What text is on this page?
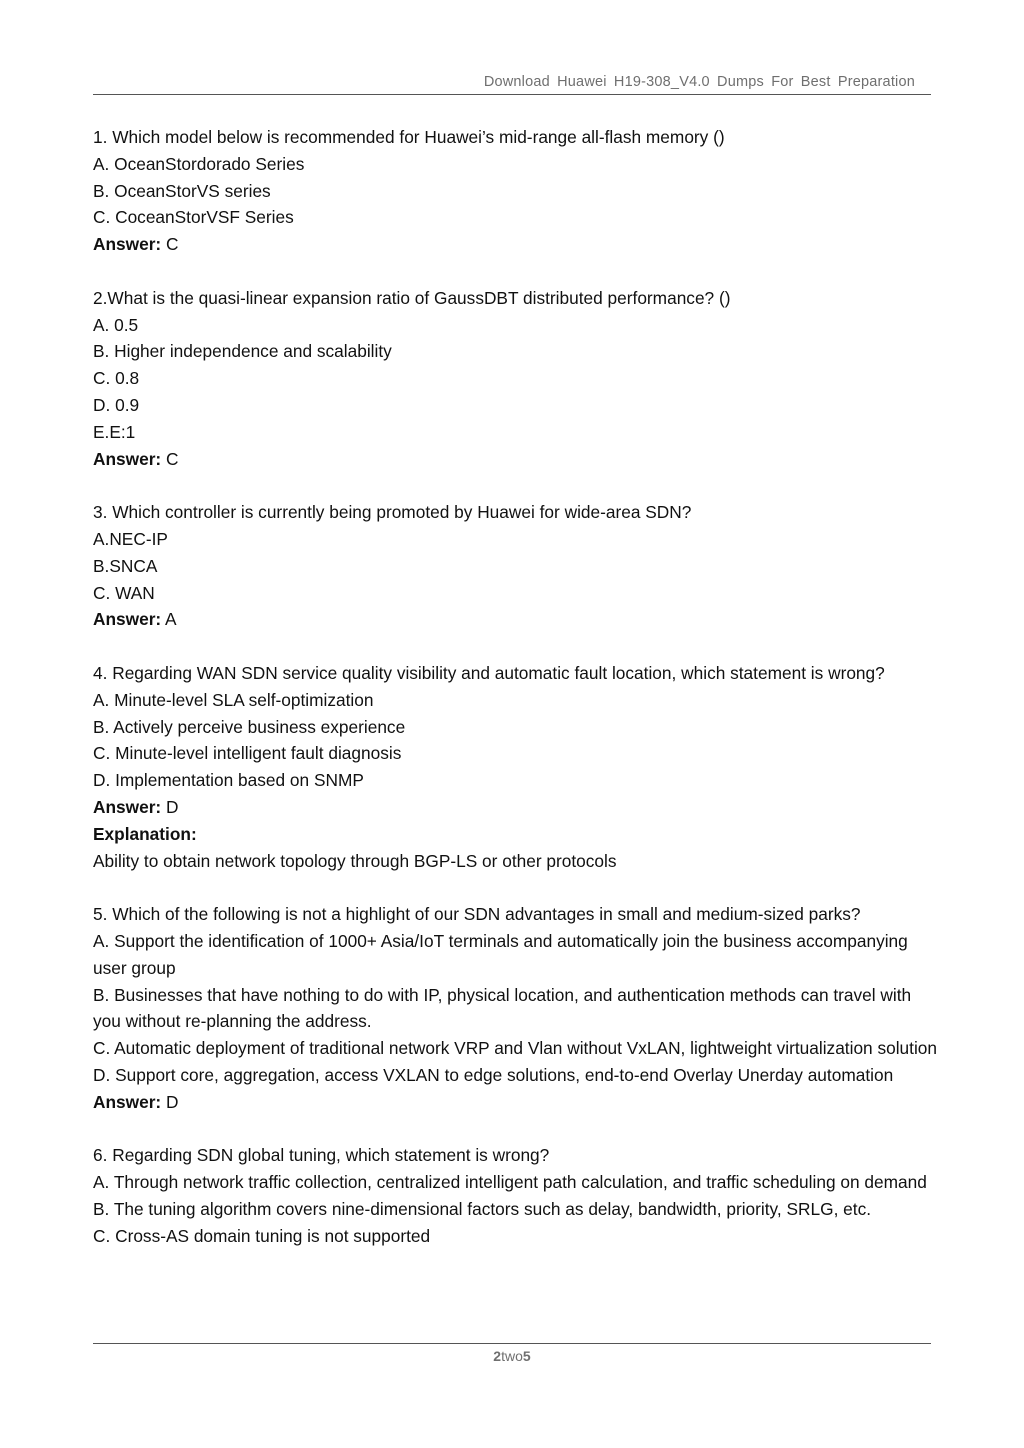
Download Huawei H19-308_V4.0 Dumps For Best Preparation

1. Which model below is recommended for Huawei’s mid-range all-flash memory ()

A. OceanStordorado Series

B. OceanStorVS series

C. CoceanStorVSF Series

Answer: C

2.What is the quasi-linear expansion ratio of GaussDBT distributed performance? ()

A. 0.5

B. Higher independence and scalability

C. 0.8

D. 0.9

E.E:1

Answer: C

3. Which controller is currently being promoted by Huawei for wide-area SDN?

A.NEC-IP

B.SNCA

C. WAN

Answer: A

4. Regarding WAN SDN service quality visibility and automatic fault location, which statement is wrong?

A. Minute-level SLA self-optimization

B. Actively perceive business experience

C. Minute-level intelligent fault diagnosis

D. Implementation based on SNMP

Answer: D

Explanation:

Ability to obtain network topology through BGP-LS or other protocols

5. Which of the following is not a highlight of our SDN advantages in small and medium-sized parks?

A. Support the identification of 1000+ Asia/IoT terminals and automatically join the business accompanying user group

B. Businesses that have nothing to do with IP, physical location, and authentication methods can travel with you without re-planning the address.

C. Automatic deployment of traditional network VRP and Vlan without VxLAN, lightweight virtualization solution

D. Support core, aggregation, access VXLAN to edge solutions, end-to-end Overlay Unerday automation

Answer: D

6. Regarding SDN global tuning, which statement is wrong?

A. Through network traffic collection, centralized intelligent path calculation, and traffic scheduling on demand

B. The tuning algorithm covers nine-dimensional factors such as delay, bandwidth, priority, SRLG, etc.

C. Cross-AS domain tuning is not supported

2two5
